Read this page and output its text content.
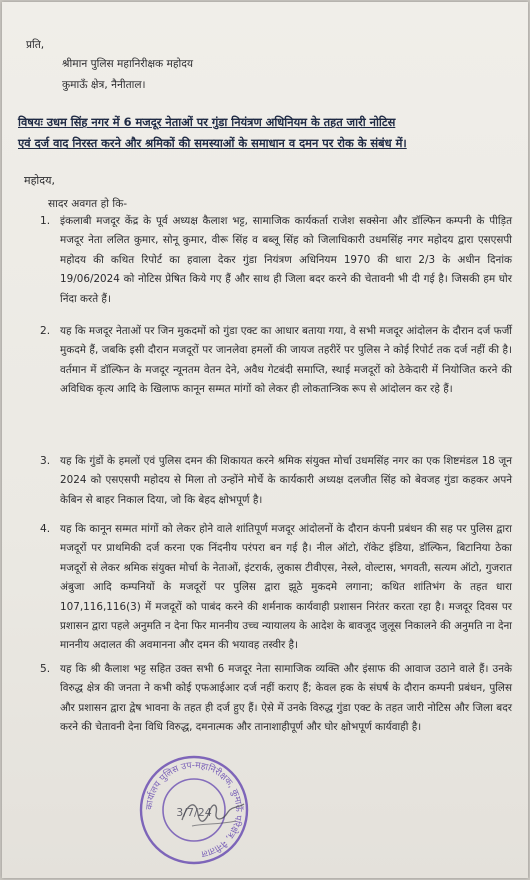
प्रति,
श्रीमान पुलिस महानिरीक्षक महोदय
कुमाऊँ क्षेत्र, नैनीताल।
विषयः उधम सिंह नगर में 6 मजदूर नेताओं पर गुंडा नियंत्रण अधिनियम के तहत जारी नोटिस
एवं दर्ज वाद निरस्त करने और श्रमिकों की समस्याओं के समाधान व दमन पर रोक के संबंध में।
महोदय,
सादर अवगत हो कि-
1. इंकलाबी मजदूर केंद्र के पूर्व अध्यक्ष कैलाश भट्ट, सामाजिक कार्यकर्ता राजेश सक्सेना और डॉल्फिन कम्पनी के पीड़ित मजदूर नेता ललित कुमार, सोनू कुमार, वीरू सिंह व बब्लू सिंह को जिलाधिकारी उधमसिंह नगर महोदय द्वारा एसएसपी महोदय की कथित रिपोर्ट का हवाला देकर गुंडा नियंत्रण अधिनियम 1970 की धारा 2/3 के अधीन दिनांक 19/06/2024 को नोटिस प्रेषित किये गए हैं और साथ ही जिला बदर करने की चेतावनी भी दी गई है। जिसकी हम घोर निंदा करते हैं।
2. यह कि मजदूर नेताओं पर जिन मुकदमों को गुंडा एक्ट का आधार बताया गया, वे सभी मजदूर आंदोलन के दौरान दर्ज फर्जी मुकदमे हैं, जबकि इसी दौरान मजदूरों पर जानलेवा हमलों की जायज तहरीरें पर पुलिस ने कोई रिपोर्ट तक दर्ज नहीं की है। वर्तमान में डॉल्फिन के मजदूर न्यूनतम वेतन देने, अवैध गेटबंदी समाप्ति, स्थाई मजदूरों को ठेकेदारी में नियोजित करने की अविधिक कृत्य आदि के खिलाफ कानून सम्मत मांगों को लेकर ही लोकतान्त्रिक रूप से आंदोलन कर रहे हैं।
3. यह कि गुंडों के हमलों एवं पुलिस दमन की शिकायत करने श्रमिक संयुक्त मोर्चा उधमसिंह नगर का एक शिष्टमंडल 18 जून 2024 को एसएसपी महोदय से मिला तो उन्होंने मोर्चे के कार्यकारी अध्यक्ष दलजीत सिंह को बेवजह गुंडा कहकर अपने केबिन से बाहर निकाल दिया, जो कि बेहद क्षोभपूर्ण है।
4. यह कि कानून सम्मत मांगों को लेकर होने वाले शांतिपूर्ण मजदूर आंदोलनों के दौरान कंपनी प्रबंधन की सह पर पुलिस द्वारा मजदूरों पर प्राथमिकी दर्ज करना एक निंदनीय परंपरा बन गई है। नील ऑटो, रॉकेट इंडिया, डॉल्फिन, बिटानिया ठेका मजदूरों से लेकर श्रमिक संयुक्त मोर्चा के नेताओं, इंटरार्क, लुकास टीवीएस, नेस्ले, वोल्टास, भगवती, सत्यम ऑटो, गुजरात अंबुजा आदि कम्पनियों के मजदूरों पर पुलिस द्वारा झूठे मुकदमे लगाना; कथित शांतिभंग के तहत धारा 107,116,116(3) में मजदूरों को पाबंद करने की शर्मनाक कार्यवाही प्रशासन निरंतर करता रहा है। मजदूर दिवस पर प्रशासन द्वारा पहले अनुमति न देना फिर माननीय उच्च न्यायालय के आदेश के बावजूद जुलूस निकालने की अनुमति ना देना माननीय अदालत की अवमानना और दमन की भयावह तस्वीर है।
5. यह कि श्री कैलाश भट्ट सहित उक्त सभी 6 मजदूर नेता सामाजिक व्यक्ति और इंसाफ की आवाज उठाने वाले हैं। उनके विरुद्ध क्षेत्र की जनता ने कभी कोई एफआईआर दर्ज नहीं कराए हैं; केवल हक के संघर्ष के दौरान कम्पनी प्रबंधन, पुलिस और प्रशासन द्वारा द्वेष भावना के तहत ही दर्ज हुए हैं। ऐसे में उनके विरुद्ध गुंडा एक्ट के तहत जारी नोटिस और जिला बदर करने की चेतावनी देना विधि विरुद्ध, दमनात्मक और तानाशाहीपूर्ण और घोर क्षोभपूर्ण कार्यवाही है।
कार्यालय पुलिस उप-महानिरीक्षक, कुमाऊँ परिक्षेत्र, नैनीताल
3/7/24
